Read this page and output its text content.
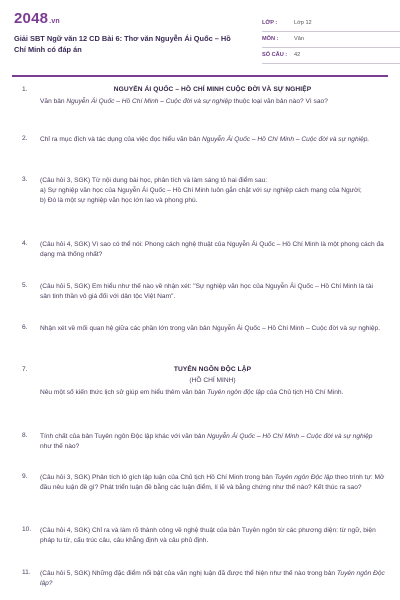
2048.vn
Giải SBT Ngữ văn 12 CD Bài 6: Thơ văn Nguyễn Ái Quốc – Hồ Chí Minh có đáp án
LỚP :	Lớp 12
MÔN :	Văn
SỐ CÂU : 42
1.	NGUYỄN ÁI QUỐC – HỒ CHÍ MINH CUỘC ĐỜI VÀ SỰ NGHIỆP
Văn bản Nguyễn Ái Quốc – Hồ Chí Minh – Cuộc đời và sự nghiệp thuộc loại văn bản nào? Vì sao?
2. Chỉ ra mục đích và tác dụng của việc đọc hiểu văn bản Nguyễn Ái Quốc – Hồ Chí Minh – Cuộc đời và sự nghiệp.
3. (Câu hỏi 3, SGK) Từ nội dung bài học, phân tích và làm sáng tỏ hai điểm sau:
a) Sự nghiệp văn học của Nguyễn Ái Quốc – Hồ Chí Minh luôn gắn chặt với sự nghiệp cách mạng của Người;
b) Đó là một sự nghiệp văn học lớn lao và phong phú.
4. (Câu hỏi 4, SGK) Vì sao có thể nói: Phong cách nghệ thuật của Nguyễn Ái Quốc – Hồ Chí Minh là một phong cách đa dạng mà thống nhất?
5. (Câu hỏi 5, SGK) Em hiểu như thế nào về nhận xét: "Sự nghiệp văn học của Nguyễn Ái Quốc – Hồ Chí Minh là tài sản tinh thần vô giá đối với dân tộc Việt Nam".
6. Nhận xét về mối quan hệ giữa các phần lớn trong văn bản Nguyễn Ái Quốc – Hồ Chí Minh – Cuộc đời và sự nghiệp.
7.	TUYÊN NGÔN ĐỘC LẬP
(HỒ CHÍ MINH)
Nêu một số kiến thức lịch sử giúp em hiểu thêm văn bản Tuyên ngôn độc lập của Chủ tịch Hồ Chí Minh.
8. Tính chất của bản Tuyên ngôn Độc lập khác với văn bản Nguyễn Ái Quốc – Hồ Chí Minh – Cuộc đời và sự nghiệp như thế nào?
9. (Câu hỏi 3, SGK) Phân tích lô gích lập luận của Chủ tịch Hồ Chí Minh trong bản Tuyên ngôn Độc lập theo trình tự: Mở đầu nêu luận đề gì? Phát triển luận đề bằng các luận điểm, lí lẽ và bằng chứng như thế nào? Kết thúc ra sao?
10. (Câu hỏi 4, SGK) Chỉ ra và làm rõ thành công về nghệ thuật của bản Tuyên ngôn từ các phương diện: từ ngữ, biện pháp tu từ, cấu trúc câu, câu khẳng định và câu phủ định.
11. (Câu hỏi 5, SGK) Những đặc điểm nổi bật của văn nghị luận đã được thể hiện như thế nào trong bản Tuyên ngôn Độc lập?
